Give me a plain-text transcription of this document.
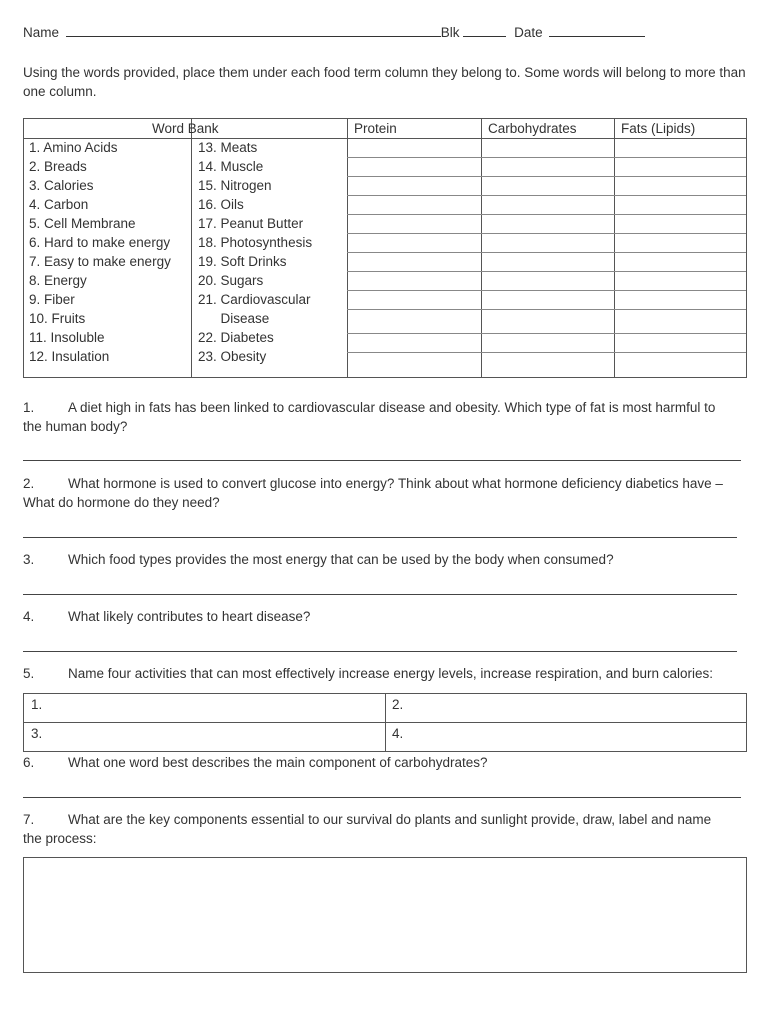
Name	Blk	Date
Using the words provided, place them under each food term column they belong to. Some words will belong to more than one column.
Word Bank	Protein	Carbohydrates	Fats (Lipids)
1. Amino Acids
2. Breads
3. Calories
4. Carbon
5. Cell Membrane
6. Hard to make energy
7. Easy to make energy
8. Energy
9. Fiber
10. Fruits
11. Insoluble
12. Insulation
13. Meats
14. Muscle
15. Nitrogen
16. Oils
17. Peanut Butter
18. Photosynthesis
19. Soft Drinks
20. Sugars
21. Cardiovascular
Disease
22. Diabetes
23. Obesity
1. A diet high in fats has been linked to cardiovascular disease and obesity. Which type of fat is most harmful to
the human body?
2. What hormone is used to convert glucose into energy? Think about what hormone deficiency diabetics have –
What do hormone do they need?
3. Which food types provides the most energy that can be used by the body when consumed?
4. What likely contributes to heart disease?
5. Name four activities that can most effectively increase energy levels, increase respiration, and burn calories:
1.	2.
3.	4.
6. What one word best describes the main component of carbohydrates?
7. What are the key components essential to our survival do plants and sunlight provide, draw, label and name
the process:
